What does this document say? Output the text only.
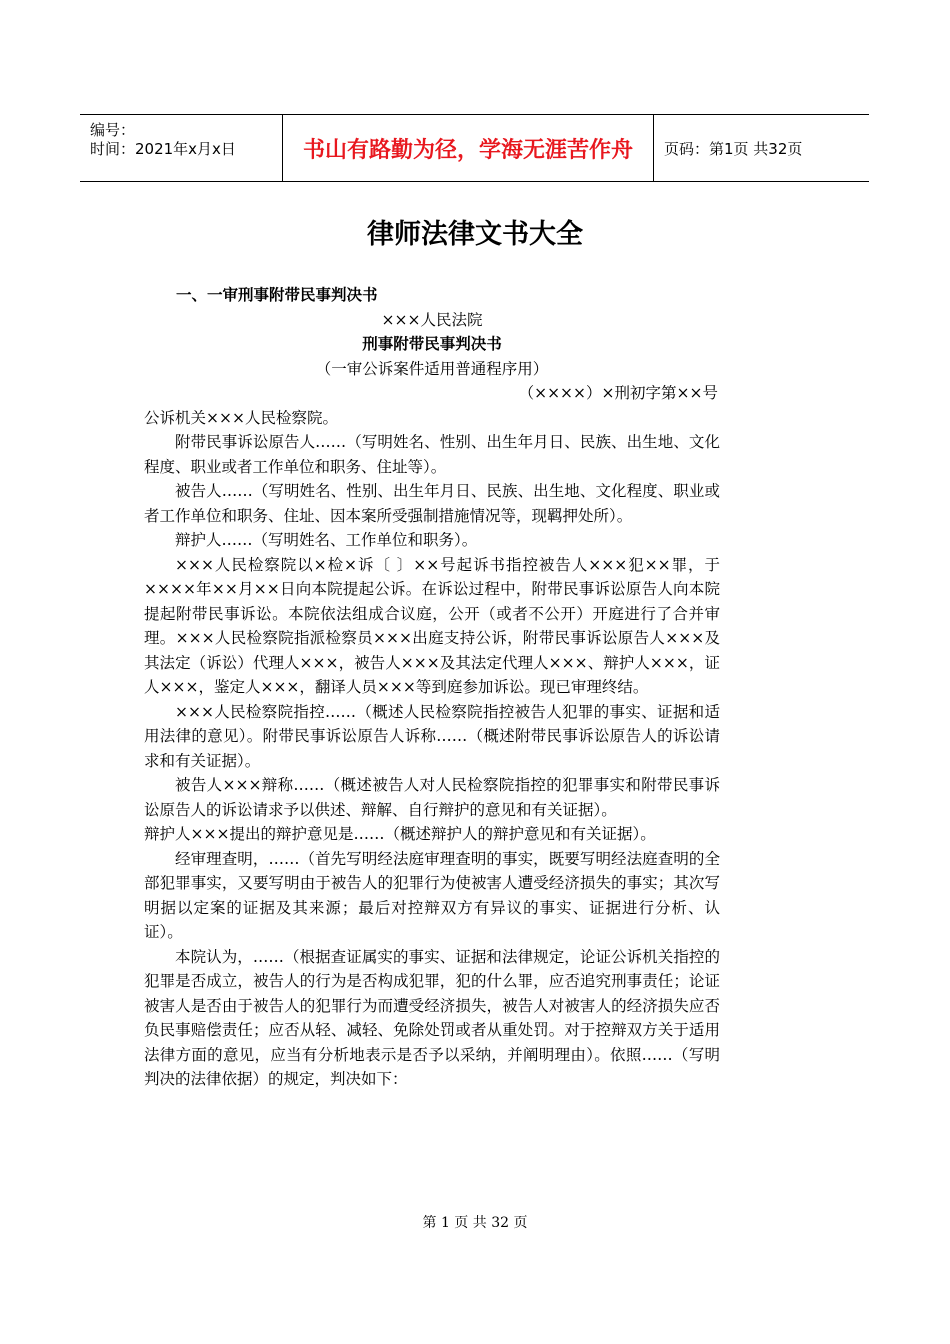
编号：
时间：2021年x月x日	书山有路勤为径，学海无涯苦作舟	页码：第1页 共32页
律师法律文书大全

一、一审刑事附带民事判决书

×××人民法院

刑事附带民事判决书

（一审公诉案件适用普通程序用）

（××××）×刑初字第××号

公诉机关×××人民检察院。

附带民事诉讼原告人……（写明姓名、性别、出生年月日、民族、出生地、文化程度、职业或者工作单位和职务、住址等）。

被告人……（写明姓名、性别、出生年月日、民族、出生地、文化程度、职业或者工作单位和职务、住址、因本案所受强制措施情况等，现羁押处所）。

辩护人……（写明姓名、工作单位和职务）。

×××人民检察院以×检×诉〔 〕××号起诉书指控被告人×××犯××罪，于××××年××月××日向本院提起公诉。在诉讼过程中，附带民事诉讼原告人向本院提起附带民事诉讼。本院依法组成合议庭，公开（或者不公开）开庭进行了合并审理。×××人民检察院指派检察员×××出庭支持公诉，附带民事诉讼原告人×××及其法定（诉讼）代理人×××，被告人×××及其法定代理人×××、辩护人×××，证人×××，鉴定人×××，翻译人员×××等到庭参加诉讼。现已审理终结。

×××人民检察院指控……（概述人民检察院指控被告人犯罪的事实、证据和适用法律的意见）。附带民事诉讼原告人诉称……（概述附带民事诉讼原告人的诉讼请求和有关证据）。

被告人×××辩称……（概述被告人对人民检察院指控的犯罪事实和附带民事诉讼原告人的诉讼请求予以供述、辩解、自行辩护的意见和有关证据）。

辩护人×××提出的辩护意见是……（概述辩护人的辩护意见和有关证据）。

经审理查明，……（首先写明经法庭审理查明的事实，既要写明经法庭查明的全部犯罪事实，又要写明由于被告人的犯罪行为使被害人遭受经济损失的事实；其次写明据以定案的证据及其来源；最后对控辩双方有异议的事实、证据进行分析、认证）。

本院认为，……（根据查证属实的事实、证据和法律规定，论证公诉机关指控的犯罪是否成立，被告人的行为是否构成犯罪，犯的什么罪，应否追究刑事责任；论证被害人是否由于被告人的犯罪行为而遭受经济损失，被告人对被害人的经济损失应否负民事赔偿责任；应否从轻、减轻、免除处罚或者从重处罚。对于控辩双方关于适用法律方面的意见，应当有分析地表示是否予以采纳，并阐明理由）。依照……（写明判决的法律依据）的规定，判决如下：

第 1 页 共 32 页
